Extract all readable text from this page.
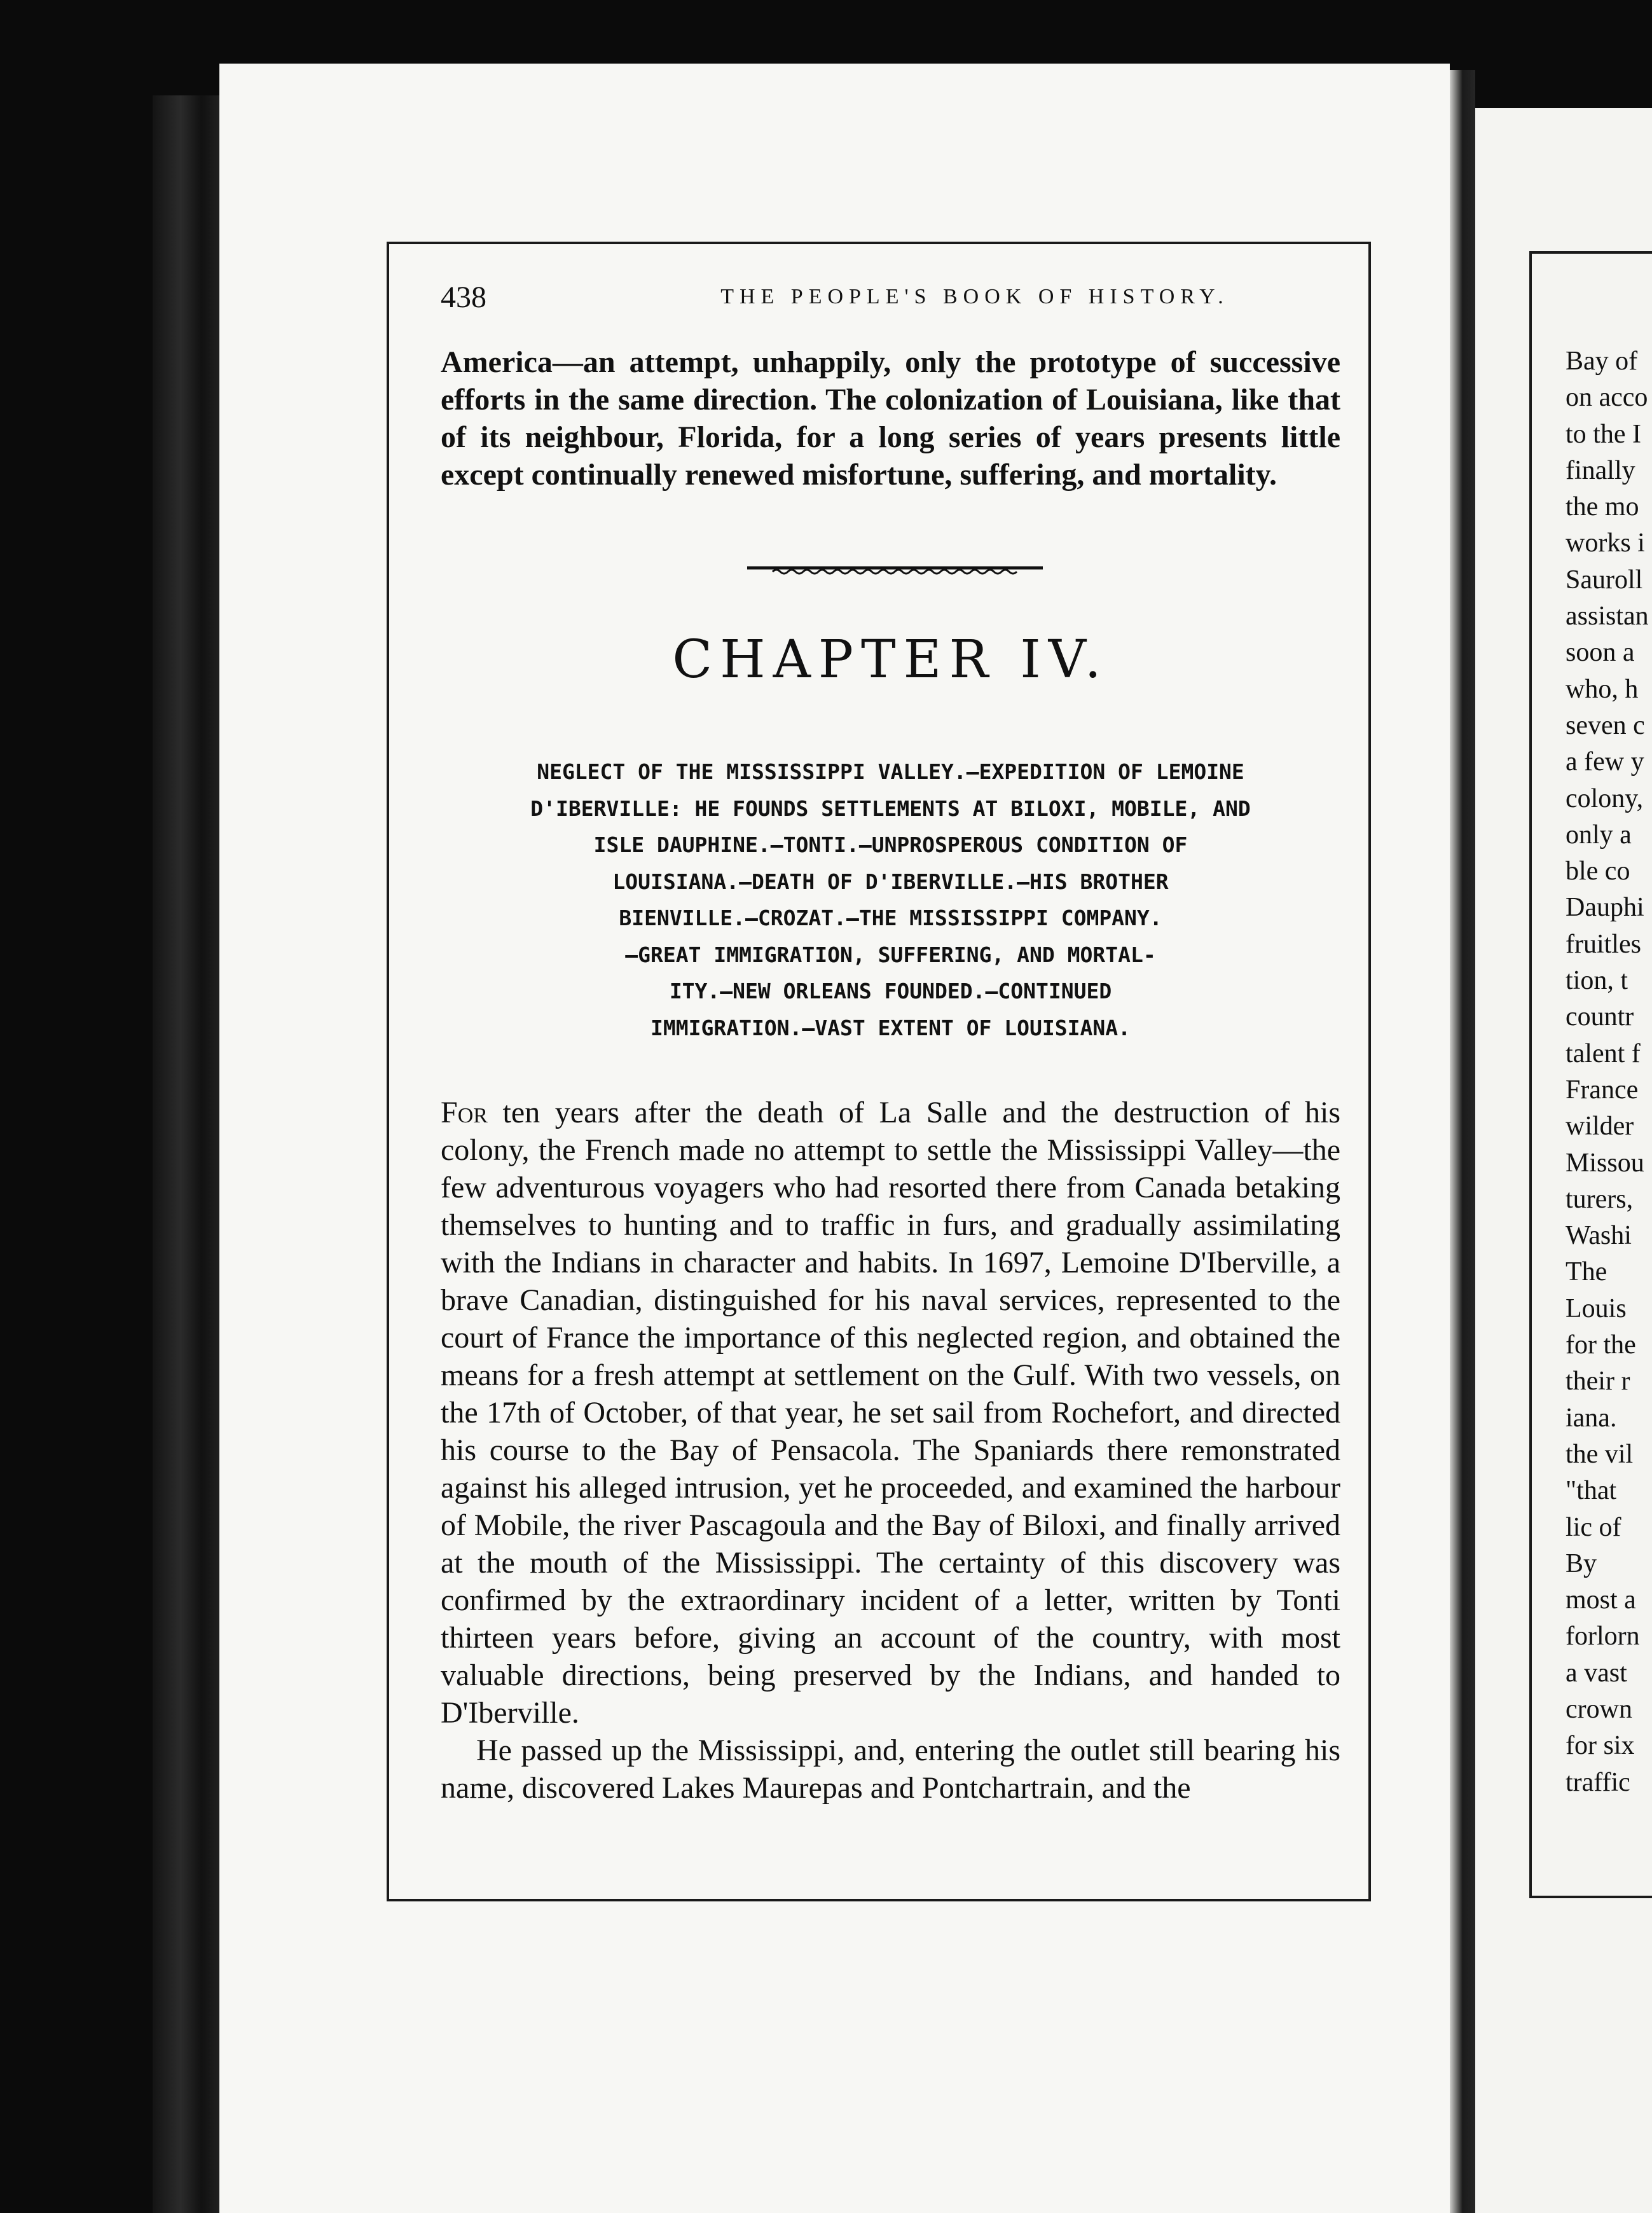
438	THE PEOPLE'S BOOK OF HISTORY.

America—an attempt, unhappily, only the prototype of successive efforts in the same direction. The colonization of Louisiana, like that of its neighbour, Florida, for a long series of years presents little except continually renewed misfortune, suffering, and mortality.

CHAPTER IV.
NEGLECT OF THE MISSISSIPPI VALLEY.—EXPEDITION OF LEMOINE
D'IBERVILLE: HE FOUNDS SETTLEMENTS AT BILOXI, MOBILE, AND
ISLE DAUPHINE.—TONTI.—UNPROSPEROUS CONDITION OF
LOUISIANA.—DEATH OF D'IBERVILLE.—HIS BROTHER
BIENVILLE.—CROZAT.—THE MISSISSIPPI COMPANY.
—GREAT IMMIGRATION, SUFFERING, AND MORTAL-
ITY.—NEW ORLEANS FOUNDED.—CONTINUED
IMMIGRATION.—VAST EXTENT OF LOUISIANA.

For ten years after the death of La Salle and the destruction of his colony, the French made no attempt to settle the Mississippi Valley—the few adventurous voyagers who had resorted there from Canada betaking themselves to hunting and to traffic in furs, and gradually assimilating with the Indians in character and habits. In 1697, Lemoine D'Iberville, a brave Canadian, distinguished for his naval services, represented to the court of France the importance of this neglected region, and obtained the means for a fresh attempt at settlement on the Gulf. With two vessels, on the 17th of October, of that year, he set sail from Rochefort, and directed his course to the Bay of Pensacola. The Spaniards there remonstrated against his alleged intrusion, yet he proceeded, and examined the harbour of Mobile, the river Pascagoula and the Bay of Biloxi, and finally arrived at the mouth of the Mississippi. The certainty of this discovery was confirmed by the extraordinary incident of a letter, written by Tonti thirteen years before, giving an account of the country, with most valuable directions, being preserved by the Indians, and handed to D'Iberville.

He passed up the Mississippi, and, entering the outlet still bearing his name, discovered Lakes Maurepas and Pontchartrain, and the

Bay of
on acco
to the I
finally
the mo
works i
Sauroll
assistan
soon a
who, h
seven c
a few y
colony,
only a
ble co
Dauphi
fruitles
tion, t
countr
talent f
France
wilder
Missou
turers,
Washi
The
Louis
for the
their r
iana.
the vil
"that
lic of
By
most a
forlorn
a vast
crown
for six
traffic
